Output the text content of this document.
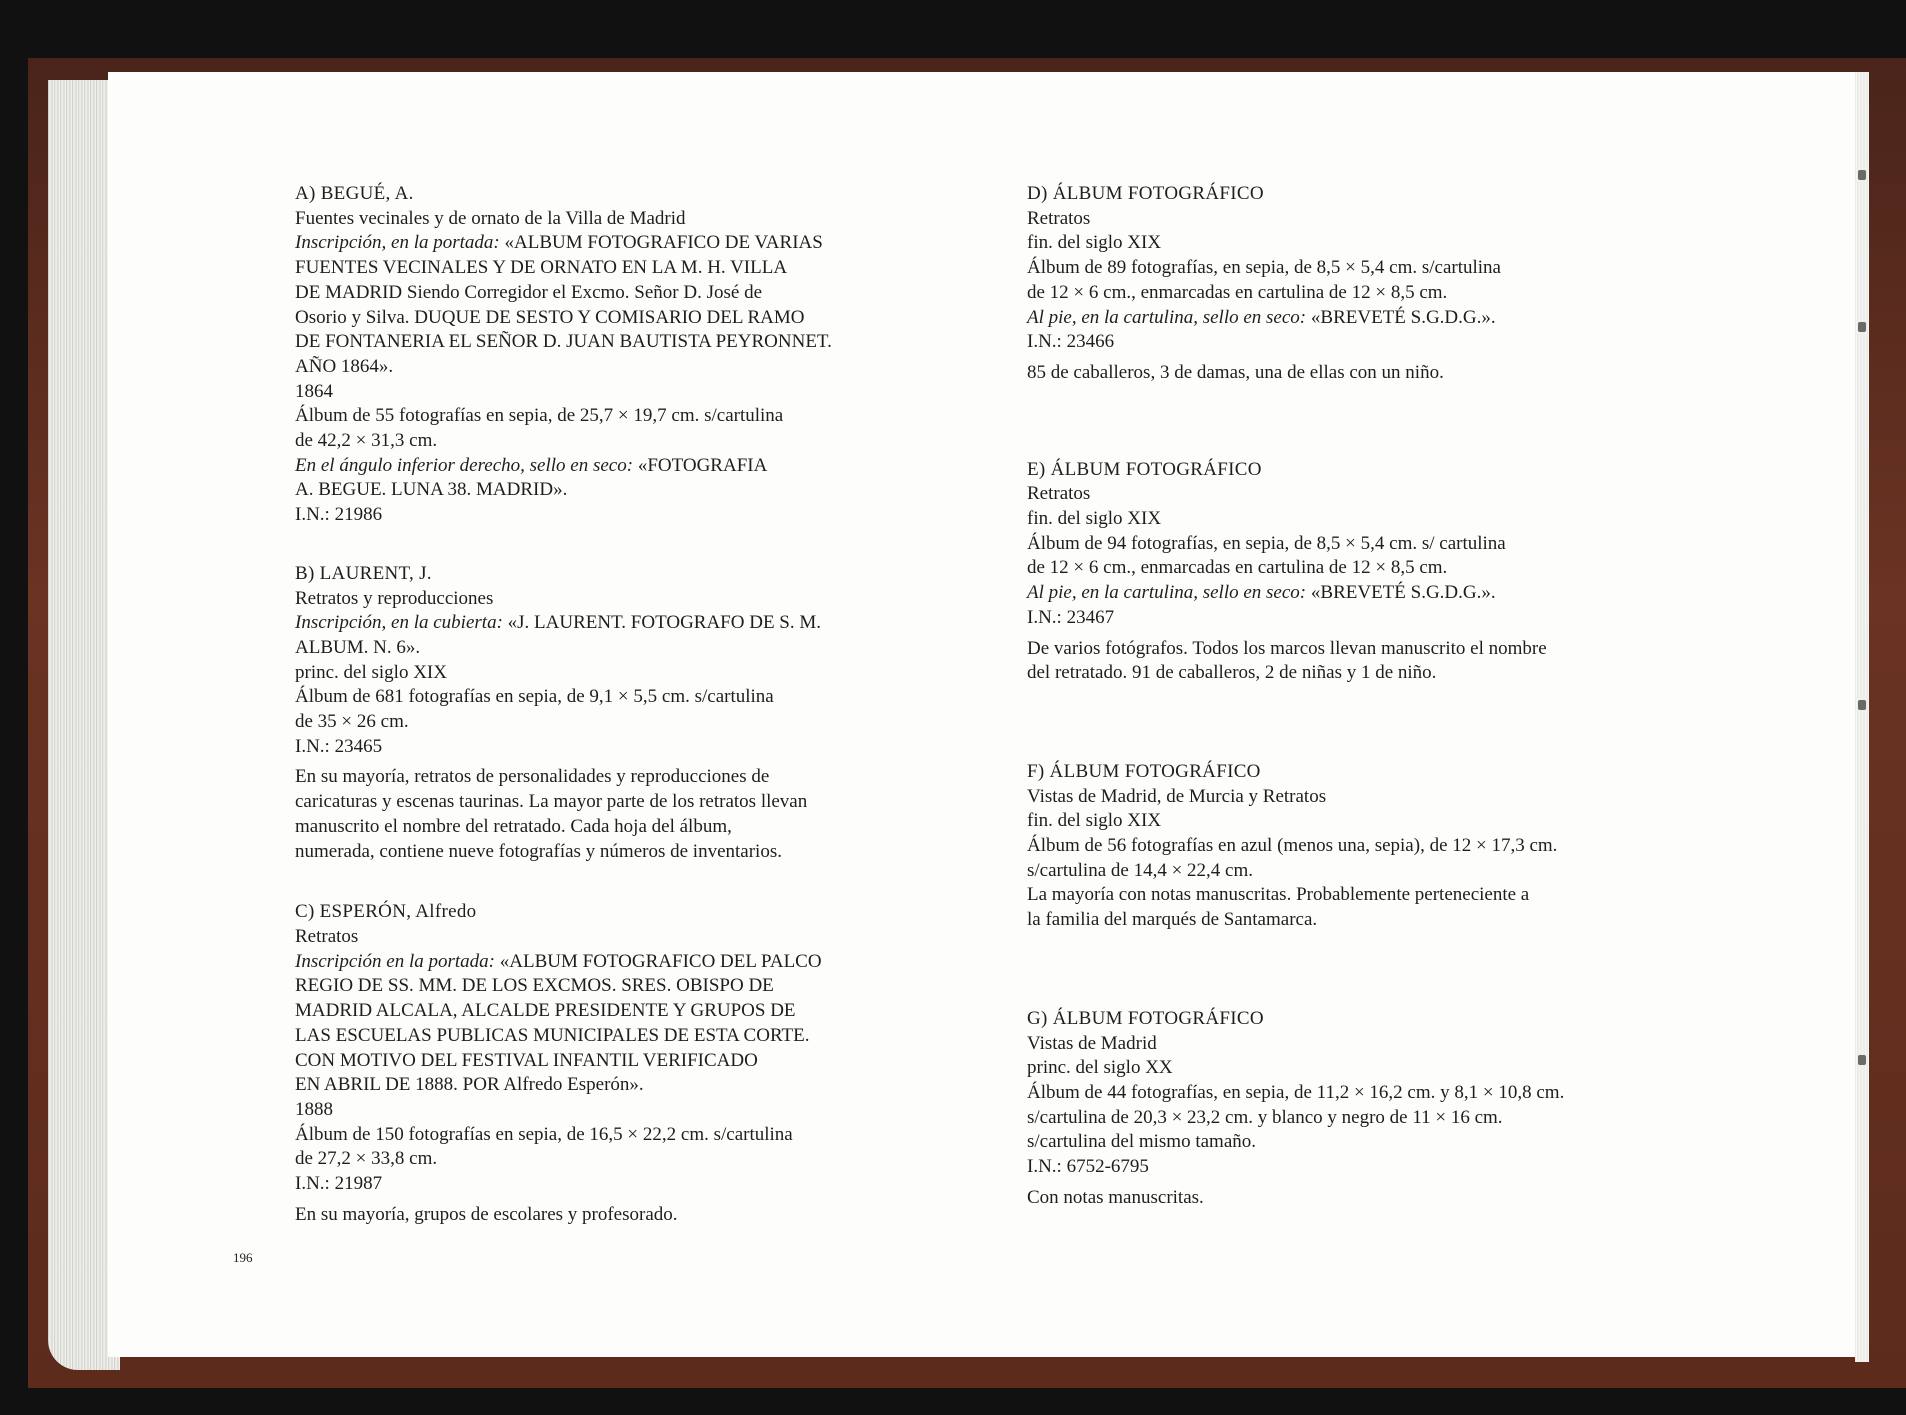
A) BEGUÉ, A.
Fuentes vecinales y de ornato de la Villa de Madrid
Inscripción, en la portada: «ALBUM FOTOGRAFICO DE VARIAS
FUENTES VECINALES Y DE ORNATO EN LA M. H. VILLA
DE MADRID Siendo Corregidor el Excmo. Señor D. José de
Osorio y Silva. DUQUE DE SESTO Y COMISARIO DEL RAMO
DE FONTANERIA EL SEÑOR D. JUAN BAUTISTA PEYRONNET.
AÑO 1864».
1864
Álbum de 55 fotografías en sepia, de 25,7 × 19,7 cm. s/cartulina
de 42,2 × 31,3 cm.
En el ángulo inferior derecho, sello en seco: «FOTOGRAFIA
A. BEGUE. LUNA 38. MADRID».
I.N.: 21986
B) LAURENT, J.
Retratos y reproducciones
Inscripción, en la cubierta: «J. LAURENT. FOTOGRAFO DE S. M.
ALBUM. N. 6».
princ. del siglo XIX
Álbum de 681 fotografías en sepia, de 9,1 × 5,5 cm. s/cartulina
de 35 × 26 cm.
I.N.: 23465
En su mayoría, retratos de personalidades y reproducciones de
caricaturas y escenas taurinas. La mayor parte de los retratos llevan
manuscrito el nombre del retratado. Cada hoja del álbum,
numerada, contiene nueve fotografías y números de inventarios.
C) ESPERÓN, Alfredo
Retratos
Inscripción en la portada: «ALBUM FOTOGRAFICO DEL PALCO
REGIO DE SS. MM. DE LOS EXCMOS. SRES. OBISPO DE
MADRID ALCALA, ALCALDE PRESIDENTE Y GRUPOS DE
LAS ESCUELAS PUBLICAS MUNICIPALES DE ESTA CORTE.
CON MOTIVO DEL FESTIVAL INFANTIL VERIFICADO
EN ABRIL DE 1888. POR Alfredo Esperón».
1888
Álbum de 150 fotografías en sepia, de 16,5 × 22,2 cm. s/cartulina
de 27,2 × 33,8 cm.
I.N.: 21987
En su mayoría, grupos de escolares y profesorado.
D) ÁLBUM FOTOGRÁFICO
Retratos
fin. del siglo XIX
Álbum de 89 fotografías, en sepia, de 8,5 × 5,4 cm. s/cartulina
de 12 × 6 cm., enmarcadas en cartulina de 12 × 8,5 cm.
Al pie, en la cartulina, sello en seco: «BREVETÉ S.G.D.G.».
I.N.: 23466
85 de caballeros, 3 de damas, una de ellas con un niño.
E) ÁLBUM FOTOGRÁFICO
Retratos
fin. del siglo XIX
Álbum de 94 fotografías, en sepia, de 8,5 × 5,4 cm. s/ cartulina
de 12 × 6 cm., enmarcadas en cartulina de 12 × 8,5 cm.
Al pie, en la cartulina, sello en seco: «BREVETÉ S.G.D.G.».
I.N.: 23467
De varios fotógrafos. Todos los marcos llevan manuscrito el nombre
del retratado. 91 de caballeros, 2 de niñas y 1 de niño.
F) ÁLBUM FOTOGRÁFICO
Vistas de Madrid, de Murcia y Retratos
fin. del siglo XIX
Álbum de 56 fotografías en azul (menos una, sepia), de 12 × 17,3 cm.
s/cartulina de 14,4 × 22,4 cm.
La mayoría con notas manuscritas. Probablemente perteneciente a
la familia del marqués de Santamarca.
G) ÁLBUM FOTOGRÁFICO
Vistas de Madrid
princ. del siglo XX
Álbum de 44 fotografías, en sepia, de 11,2 × 16,2 cm. y 8,1 × 10,8 cm.
s/cartulina de 20,3 × 23,2 cm. y blanco y negro de 11 × 16 cm.
s/cartulina del mismo tamaño.
I.N.: 6752-6795
Con notas manuscritas.
196
